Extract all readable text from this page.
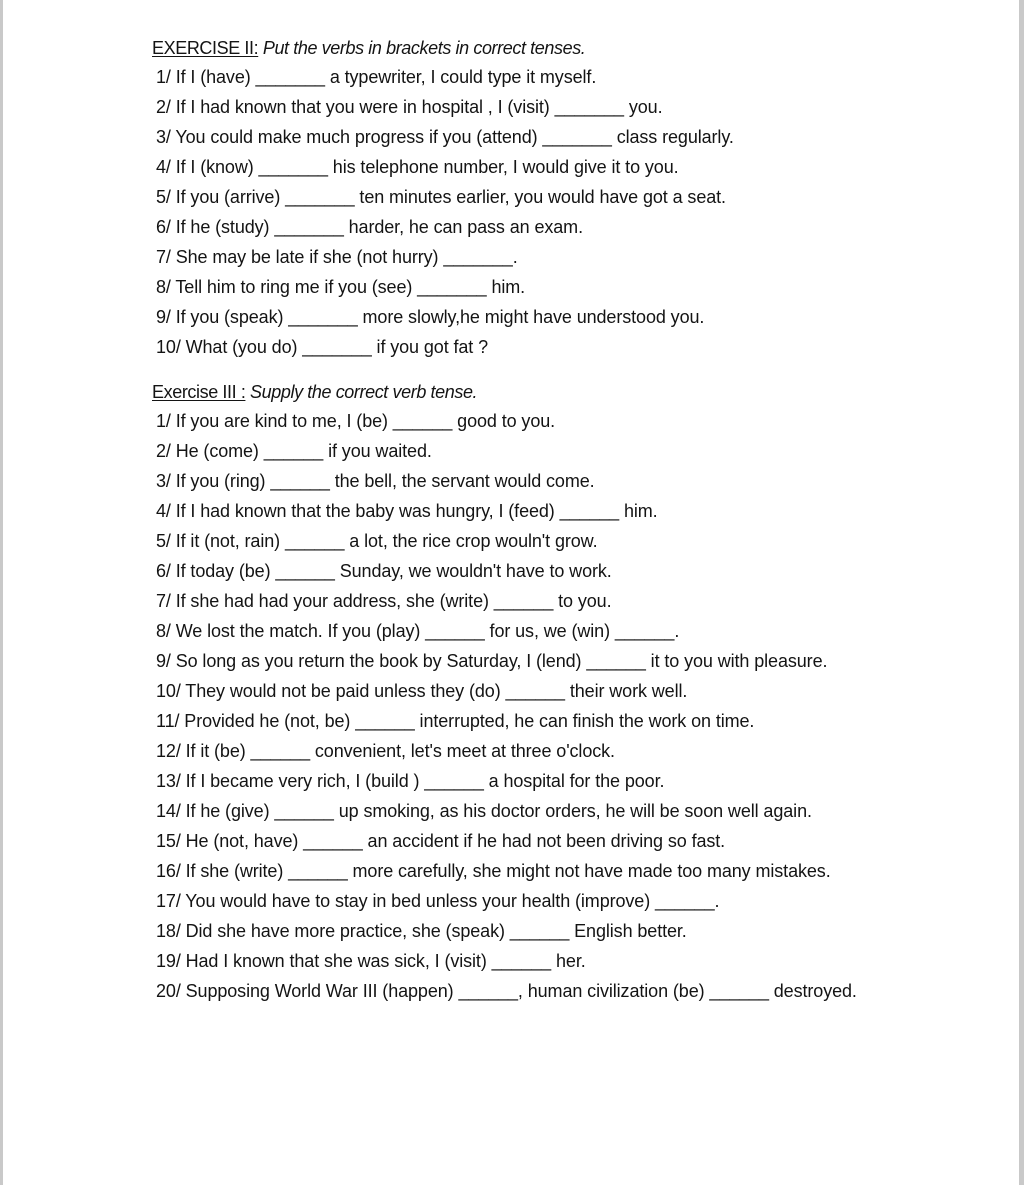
EXERCISE II: Put the verbs in brackets in correct tenses.
1/ If I (have) _______ a typewriter, I could type it myself.
2/ If I had known that you were in hospital , I (visit) _______ you.
3/ You could make much progress if you (attend) _______ class regularly.
4/ If I (know) _______ his telephone number, I would give it to you.
5/ If you (arrive) _______ ten minutes earlier, you would have got a seat.
6/ If he (study) _______ harder, he can pass an exam.
7/ She may be late if she (not hurry) _______.
8/ Tell him to ring me if you (see) _______ him.
9/ If you (speak) _______ more slowly,he might have understood you.
10/ What (you do) _______ if you got fat ?
Exercise III : Supply the correct verb tense.
1/ If you are kind to me, I (be) ______ good to you.
2/ He (come) ______ if you waited.
3/ If you (ring) ______ the bell, the servant would come.
4/ If I had known that the baby was hungry, I (feed) ______ him.
5/ If it (not, rain) ______ a lot, the rice crop wouln't grow.
6/ If today (be) ______ Sunday, we wouldn't have to work.
7/ If she had had your address, she (write) ______ to you.
8/ We lost the match. If you (play) ______ for us, we (win) ______.
9/ So long as you return the book by Saturday, I (lend) ______ it to you with pleasure.
10/ They would not be paid unless they (do) ______ their work well.
11/ Provided he (not, be) ______ interrupted, he can finish the work on time.
12/ If it (be) ______ convenient, let's meet at three o'clock.
13/ If I became very rich, I (build ) ______ a hospital for the poor.
14/ If he (give) ______ up smoking, as his doctor orders, he will be soon well again.
15/ He (not, have) ______ an accident if he had not been driving so fast.
16/ If she (write) ______ more carefully, she might not have made too many mistakes.
17/ You would have to stay in bed unless your health (improve) ______.
18/ Did she have more practice, she (speak) ______ English better.
19/ Had I known that she was sick, I (visit) ______ her.
20/ Supposing World War III (happen) ______, human civilization (be) ______ destroyed.
